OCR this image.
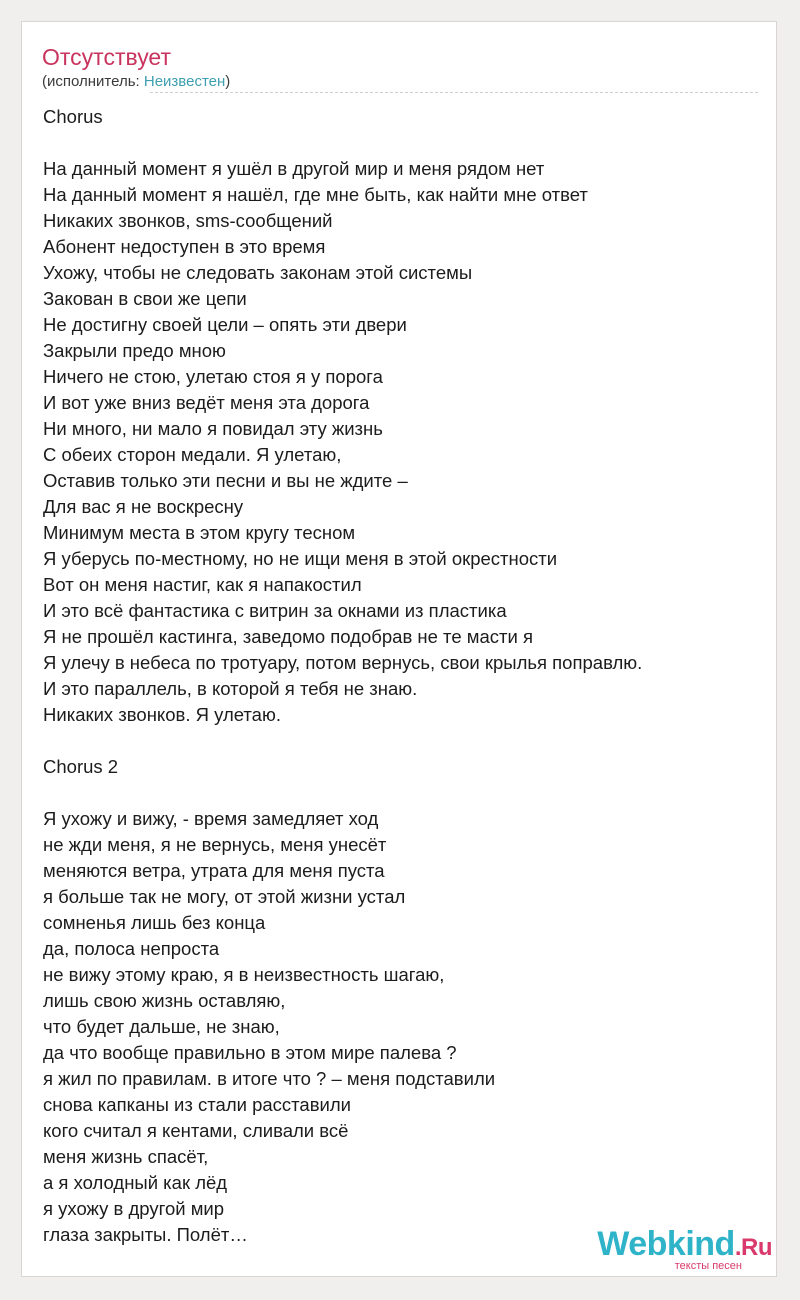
Отсутствует
(исполнитель: Неизвестен)
Chorus
На данный момент я ушёл в другой мир и меня рядом нет
На данный момент я нашёл, где мне быть, как найти мне ответ
Никаких звонков, sms-сообщений
Абонент недоступен в это время
Ухожу, чтобы не следовать законам этой системы
Закован в свои же цепи
Не достигну своей цели – опять эти двери
Закрыли предо мною
Ничего не стою, улетаю стоя я у порога
И вот уже вниз ведёт меня эта дорога
Ни много, ни мало я повидал эту жизнь
С обеих сторон медали. Я улетаю,
Оставив только эти песни и вы не ждите –
Для вас я не воскресну
Минимум места в этом кругу тесном
Я уберусь по-местному, но не ищи меня в этой окрестности
Вот он меня настиг, как я напакостил
И это всё фантастика с витрин за окнами из пластика
Я не прошёл кастинга, заведомо подобрав не те масти я
Я улечу в небеса по тротуару, потом вернусь, свои крылья поправлю.
И это параллель, в которой я тебя не знаю.
Никаких звонков. Я улетаю.
Chorus 2
Я ухожу и вижу, - время замедляет ход
не жди меня, я не вернусь, меня унесёт
меняются ветра, утрата для меня пуста
я больше так не могу, от этой жизни устал
сомненья лишь без конца
да, полоса непроста
не вижу этому краю, я в неизвестность шагаю,
лишь свою жизнь оставляю,
что будет дальше, не знаю,
да что вообще правильно в этом мире палева ?
я жил по правилам. в итоге что ? – меня подставили
снова капканы из стали расставили
кого считал я кентами, сливали всё
меня жизнь спасёт,
а я холодный как лёд
я ухожу в другой мир
глаза закрыты. Полёт…	Webkind.Ru
тексты песен
